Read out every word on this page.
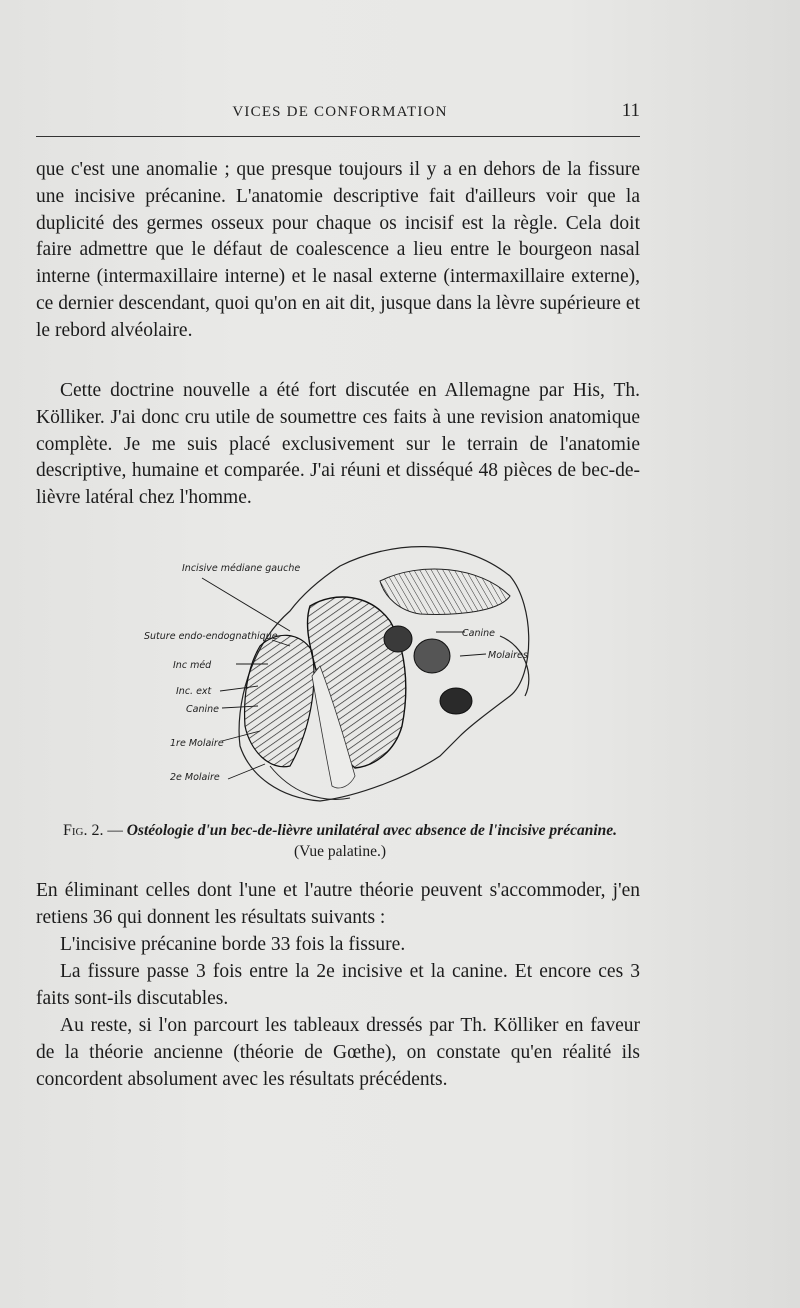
VICES DE CONFORMATION	11

que c'est une anomalie ; que presque toujours il y a en dehors de la fissure une incisive précanine. L'anatomie descriptive fait d'ailleurs voir que la duplicité des germes osseux pour chaque os incisif est la règle. Cela doit faire admettre que le défaut de coalescence a lieu entre le bourgeon nasal interne (intermaxillaire interne) et le nasal externe (intermaxillaire externe), ce dernier descendant, quoi qu'on en ait dit, jusque dans la lèvre supérieure et le rebord alvéolaire.

Cette doctrine nouvelle a été fort discutée en Allemagne par His, Th. Kölliker. J'ai donc cru utile de soumettre ces faits à une revision anatomique complète. Je me suis placé exclusivement sur le terrain de l'anatomie descriptive, humaine et comparée. J'ai réuni et disséqué 48 pièces de bec-de-lièvre latéral chez l'homme.

Incisive médiane gauche
Suture endo-endognathique
Inc méd
Inc. ext
Canine
1re Molaire
2e Molaire
Canine
Molaires
Fig. 2. — Ostéologie d'un bec-de-lièvre unilatéral avec absence de l'incisive précanine. (Vue palatine.)

En éliminant celles dont l'une et l'autre théorie peuvent s'accommoder, j'en retiens 36 qui donnent les résultats suivants :

L'incisive précanine borde 33 fois la fissure.

La fissure passe 3 fois entre la 2e incisive et la canine. Et encore ces 3 faits sont-ils discutables.

Au reste, si l'on parcourt les tableaux dressés par Th. Kölliker en faveur de la théorie ancienne (théorie de Gœthe), on constate qu'en réalité ils concordent absolument avec les résultats précédents.
